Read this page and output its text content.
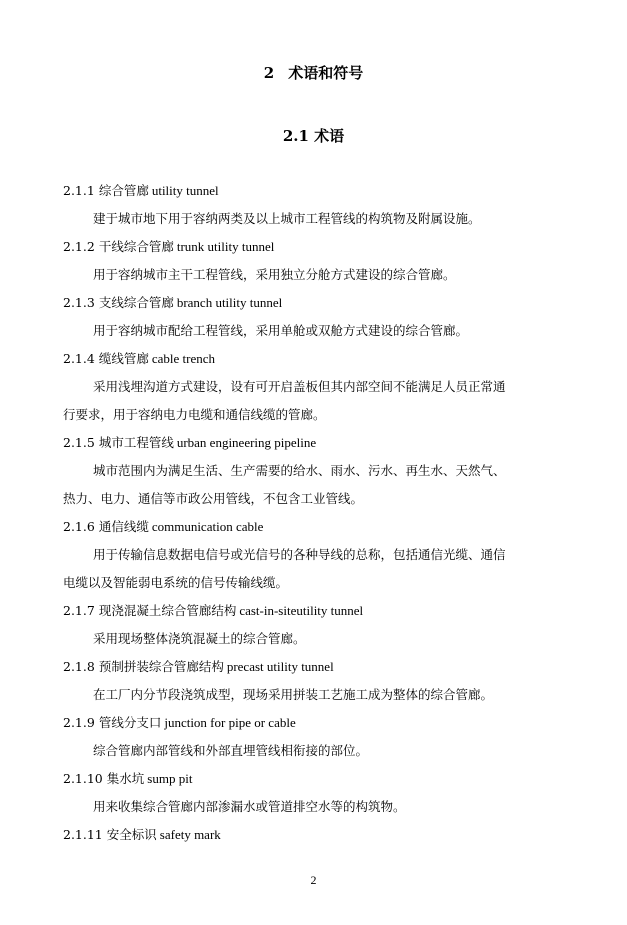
2 术语和符号
2.1 术语
2.1.1 综合管廊 utility tunnel
建于城市地下用于容纳两类及以上城市工程管线的构筑物及附属设施。
2.1.2 干线综合管廊 trunk utility tunnel
用于容纳城市主干工程管线，采用独立分舱方式建设的综合管廊。
2.1.3 支线综合管廊 branch utility tunnel
用于容纳城市配给工程管线，采用单舱或双舱方式建设的综合管廊。
2.1.4 缆线管廊 cable trench
采用浅埋沟道方式建设，设有可开启盖板但其内部空间不能满足人员正常通
行要求，用于容纳电力电缆和通信线缆的管廊。
2.1.5 城市工程管线 urban engineering pipeline
城市范围内为满足生活、生产需要的给水、雨水、污水、再生水、天然气、
热力、电力、通信等市政公用管线，不包含工业管线。
2.1.6 通信线缆 communication cable
用于传输信息数据电信号或光信号的各种导线的总称，包括通信光缆、通信
电缆以及智能弱电系统的信号传输线缆。
2.1.7 现浇混凝土综合管廊结构 cast-in-siteutility tunnel
采用现场整体浇筑混凝土的综合管廊。
2.1.8 预制拼装综合管廊结构 precast utility tunnel
在工厂内分节段浇筑成型，现场采用拼装工艺施工成为整体的综合管廊。
2.1.9 管线分支口 junction for pipe or cable
综合管廊内部管线和外部直埋管线相衔接的部位。
2.1.10 集水坑 sump pit
用来收集综合管廊内部渗漏水或管道排空水等的构筑物。
2.1.11 安全标识 safety mark
2
